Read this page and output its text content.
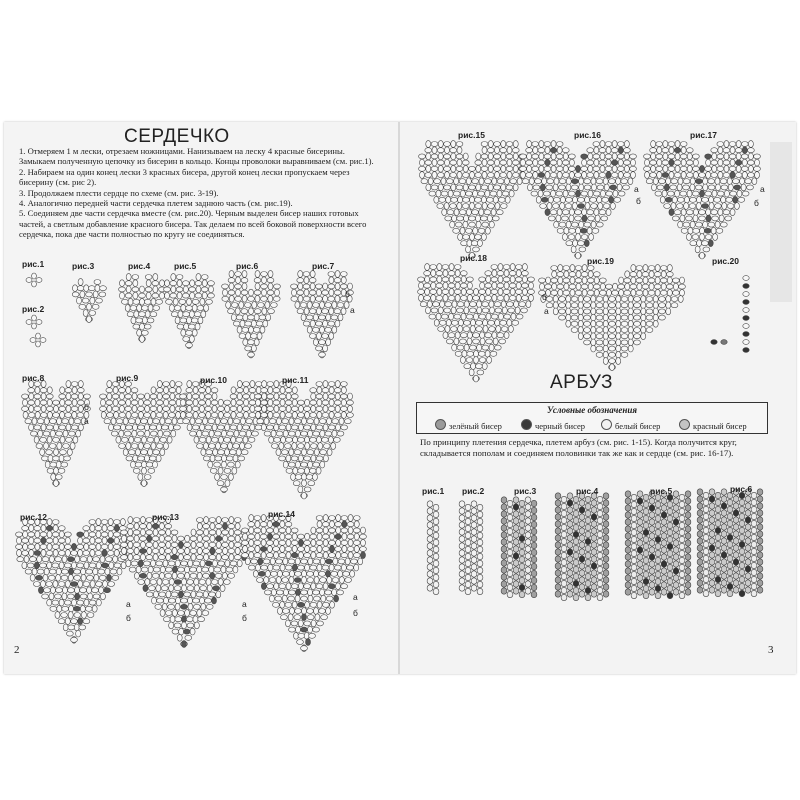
СЕРДЕЧКО
1. Отмеряем 1 м лески, отрезаем ножницами. Нанизываем на леску 4 красные бисерины. Замыкаем полученную цепочку из бисерин в кольцо. Концы проволоки выравниваем (см. рис.1).
2. Набираем на один конец лески 3 красных бисера, другой конец лески пропускаем через бисерину (см. рис 2).
3. Продолжаем плести сердце по схеме (см. рис. 3-19).
4. Аналогично передней части сердечка плетем заднюю часть (см. рис.19).
5. Соединяем две части сердечка вместе (см. рис.20). Черным выделен бисер наших готовых частей, а светлым добавление красного бисера. Так делаем по всей боковой поверхности всего сердечка, пока две части полностью по кругу не соединяться.
рис.1
рис.2
рис.3	рис.4	рис.5	рис.6	рис.7
рис.8	рис.9	рис.10	рис.11
рис.12	рис.13	рис.14
б
а
б
а
а
б
а
б
а
б
2
рис.15	рис.16	рис.17
рис.18	рис.19	рис.20
а
б
а
б
б
а
АРБУЗ
Условные обозначения
зелёный бисер	черный бисер	белый бисер	красный бисер

По принципу плетения сердечка, плетем арбуз (см. рис. 1-15). Когда получится круг, складывается пополам и соединяем половинки так же как и сердце (см. рис. 16-17).

рис.1 рис.2	рис.3	рис.4	рис.5	рис.6
3
